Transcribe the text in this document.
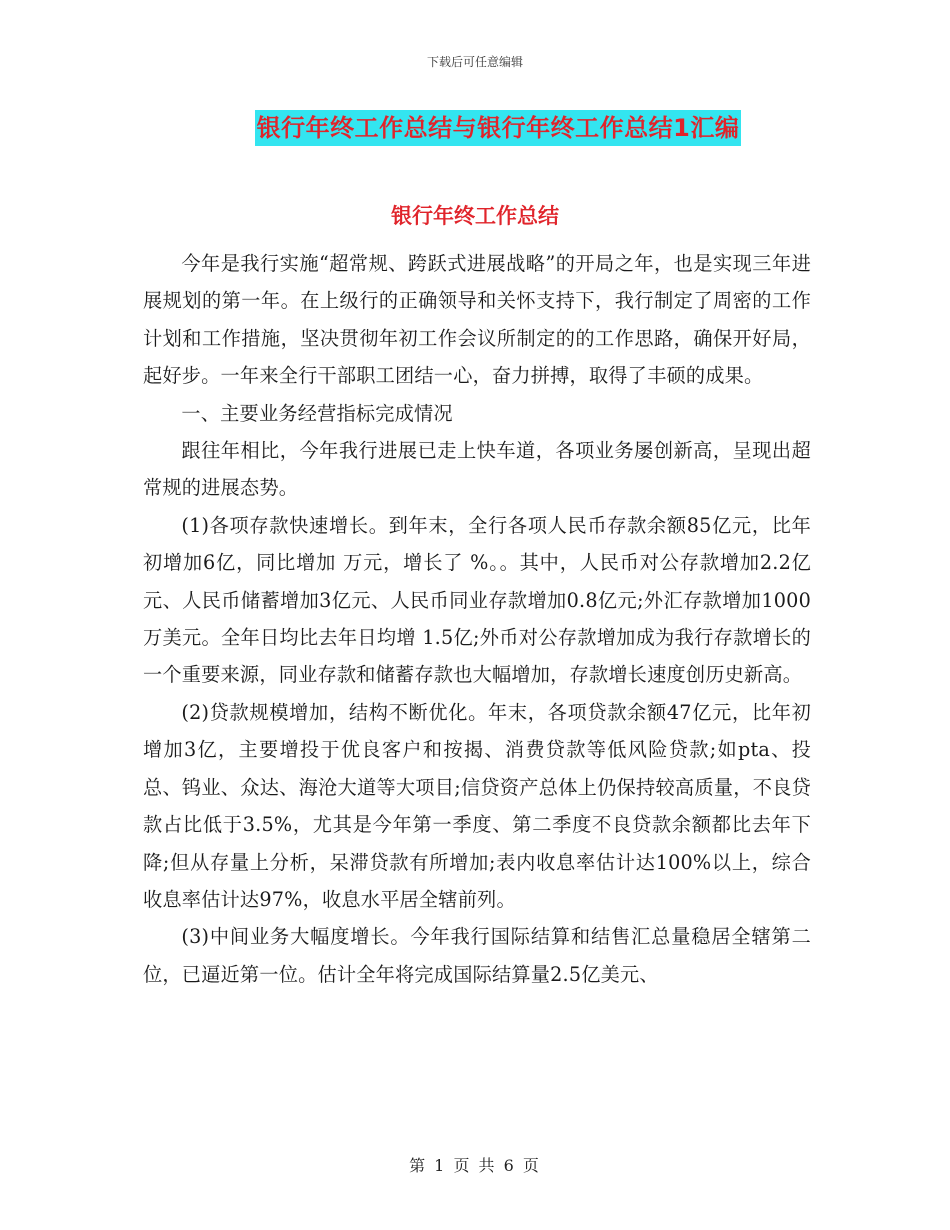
下载后可任意编辑
银行年终工作总结与银行年终工作总结1汇编
银行年终工作总结

今年是我行实施“超常规、跨跃式进展战略”的开局之年，也是实现三年进展规划的第一年。在上级行的正确领导和关怀支持下，我行制定了周密的工作计划和工作措施，坚决贯彻年初工作会议所制定的的工作思路，确保开好局，起好步。一年来全行干部职工团结一心，奋力拼搏，取得了丰硕的成果。

一、主要业务经营指标完成情况

跟往年相比，今年我行进展已走上快车道，各项业务屡创新高，呈现出超常规的进展态势。

(1)各项存款快速增长。到年末，全行各项人民币存款余额85亿元，比年初增加6亿，同比增加 万元，增长了 %。。其中，人民币对公存款增加2.2亿元、人民币储蓄增加3亿元、人民币同业存款增加0.8亿元;外汇存款增加1000万美元。全年日均比去年日均增 1.5亿;外币对公存款增加成为我行存款增长的一个重要来源，同业存款和储蓄存款也大幅增加，存款增长速度创历史新高。

(2)贷款规模增加，结构不断优化。年末，各项贷款余额47亿元，比年初增加3亿，主要增投于优良客户和按揭、消费贷款等低风险贷款;如pta、投总、钨业、众达、海沧大道等大项目;信贷资产总体上仍保持较高质量，不良贷款占比低于3.5%，尤其是今年第一季度、第二季度不良贷款余额都比去年下降;但从存量上分析，呆滞贷款有所增加;表内收息率估计达100%以上，综合收息率估计达97%，收息水平居全辖前列。

(3)中间业务大幅度增长。今年我行国际结算和结售汇总量稳居全辖第二位，已逼近第一位。估计全年将完成国际结算量2.5亿美元、

第 1 页 共 6 页
